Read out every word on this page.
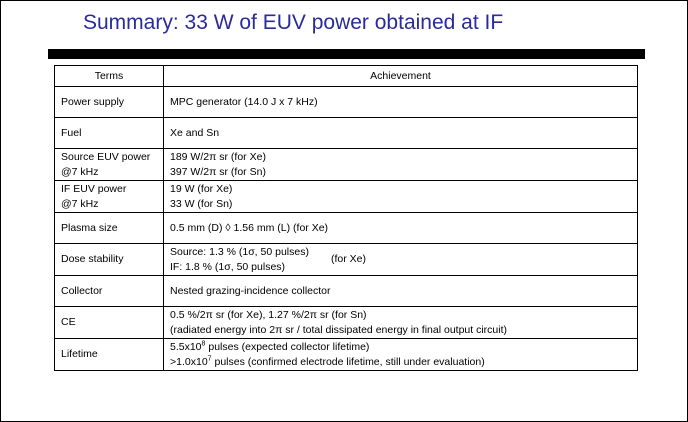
Summary: 33 W of EUV power obtained at IF
Terms	Achievement

Power supply	MPC generator (14.0 J x 7 kHz)

Fuel	Xe and Sn

Source EUV power
@7 kHz	189 W/2π sr (for Xe)
397 W/2π sr (for Sn)

IF EUV power
@7 kHz	19 W (for Xe)
33 W (for Sn)

Plasma size	0.5 mm (D) ◊ 1.56 mm (L) (for Xe)

Dose stability	Source: 1.3 % (1σ, 50 pulses)
IF: 1.8 % (1σ, 50 pulses)
(for Xe)

Collector	Nested grazing-incidence collector

CE	0.5 %/2π sr (for Xe), 1.27 %/2π sr (for Sn)
(radiated energy into 2π sr / total dissipated energy in final output circuit)

Lifetime	$5.5x10^8$ pulses (expected collector lifetime)
$>1.0x10^7$ pulses (confirmed electrode lifetime, still under evaluation)
